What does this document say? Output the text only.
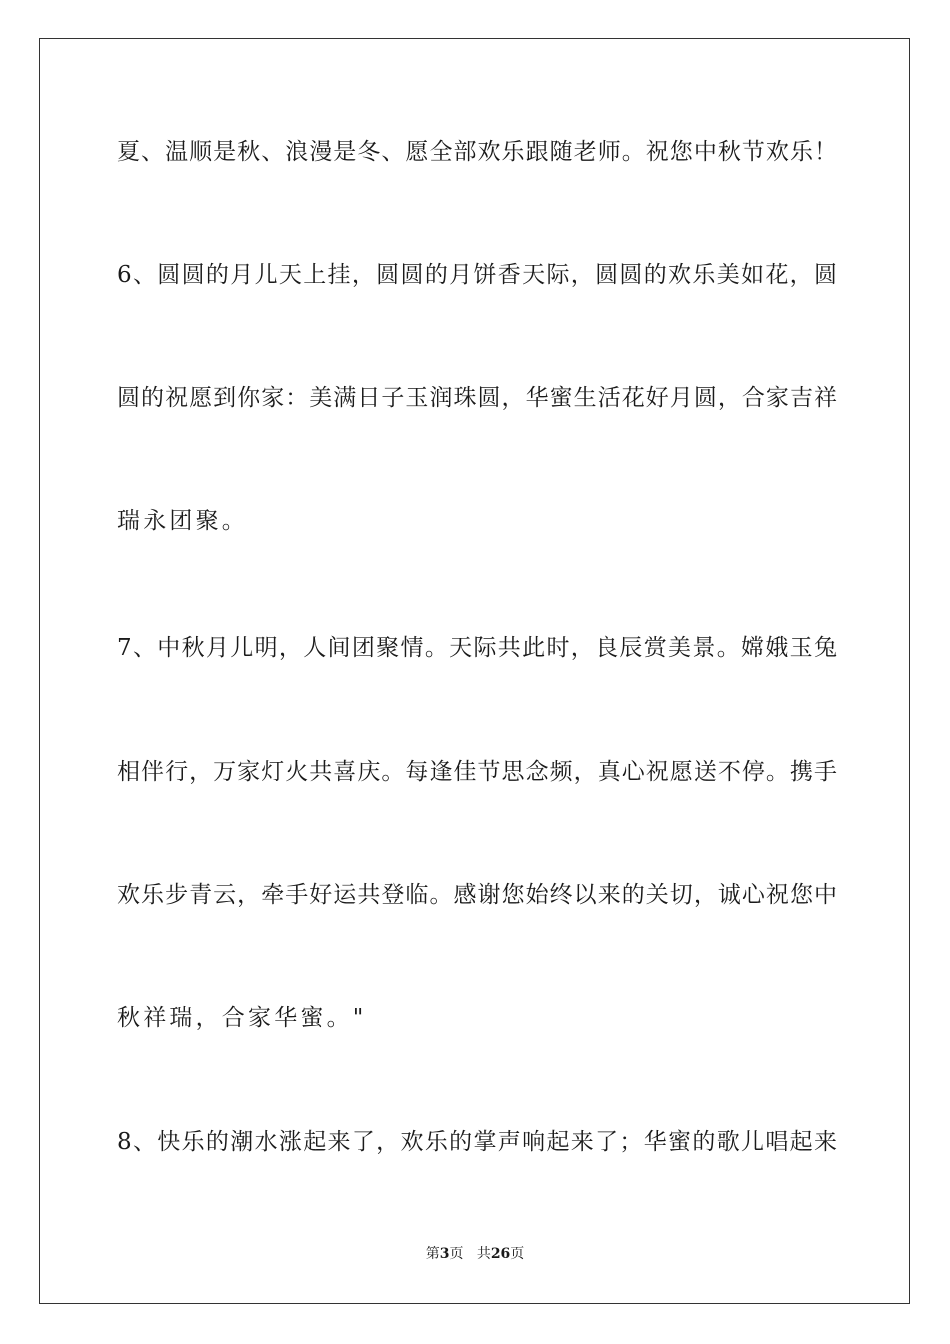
夏、温顺是秋、浪漫是冬、愿全部欢乐跟随老师。祝您中秋节欢乐！
6、圆圆的月儿天上挂，圆圆的月饼香天际，圆圆的欢乐美如花，圆
圆的祝愿到你家：美满日子玉润珠圆，华蜜生活花好月圆，合家吉祥
瑞永团聚。
7、中秋月儿明，人间团聚情。天际共此时，良辰赏美景。嫦娥玉兔
相伴行，万家灯火共喜庆。每逢佳节思念频，真心祝愿送不停。携手
欢乐步青云，牵手好运共登临。感谢您始终以来的关切，诚心祝您中
秋祥瑞，合家华蜜。"
8、快乐的潮水涨起来了，欢乐的掌声响起来了；华蜜的歌儿唱起来
第3页 共26页
